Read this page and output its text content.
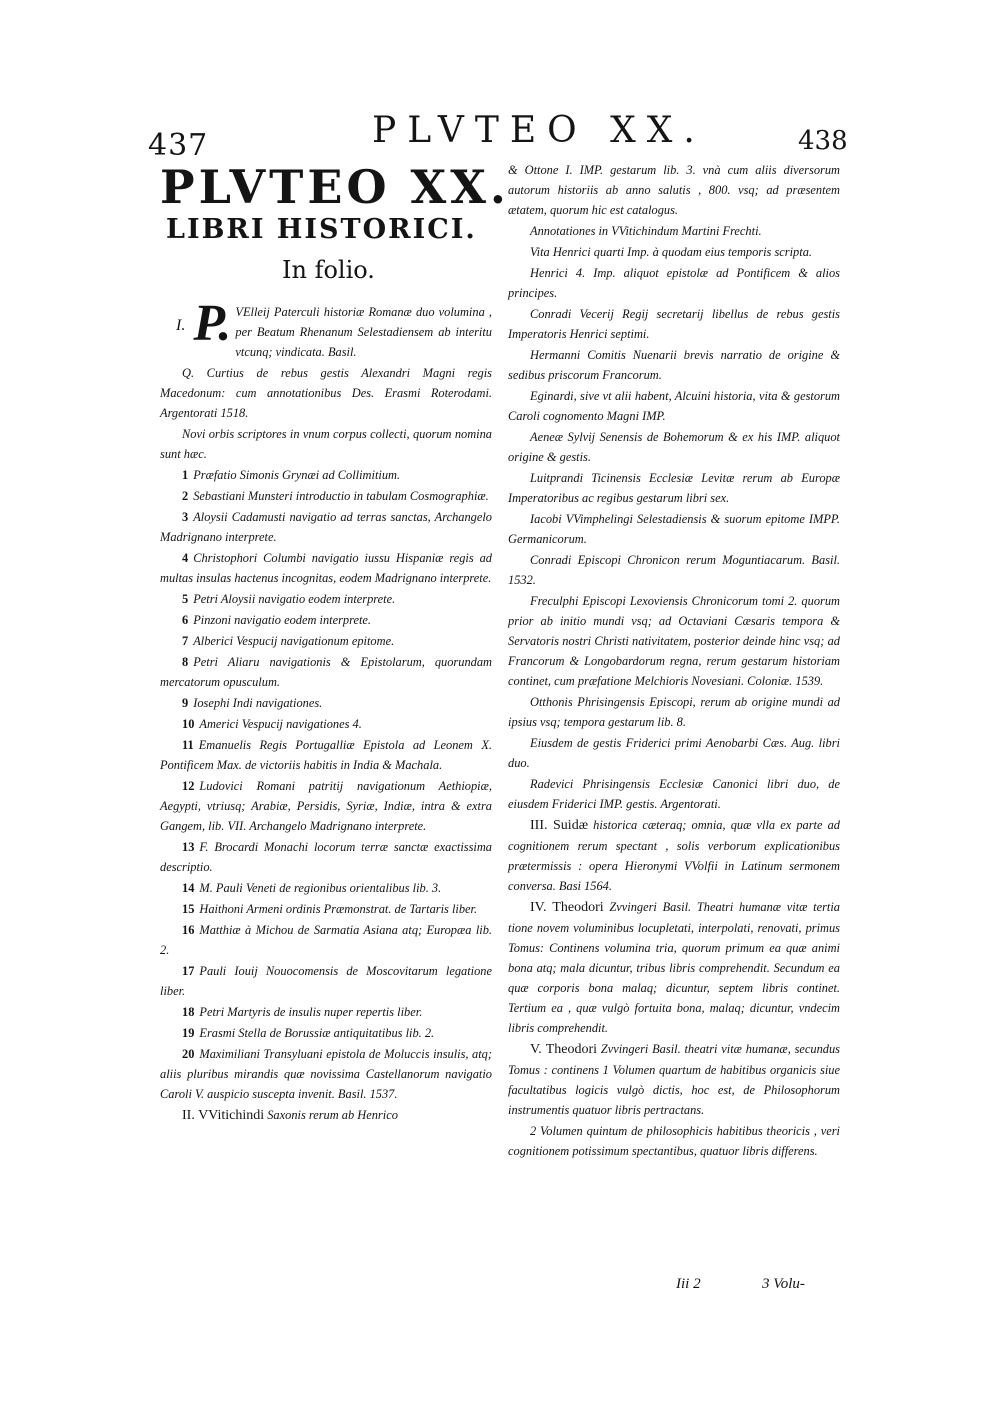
437	PLVTEO XX.	438
PLVTEO XX.
LIBRI HISTORICI.
In folio.
I. P. VElleij Paterculi historiæ Romanæ duo volumina , per Beatum Rhenanum Selestadiensem ab interitu vtcunq; vindicata. Basil.
Q. Curtius de rebus gestis Alexandri Magni regis Macedonum: cum annotationibus Des. Erasmi Roterodami. Argentorati 1518.
Novi orbis scriptores in vnum corpus collecti, quorum nomina sunt hæc.
1 Præfatio Simonis Grynæi ad Collimitium.
2 Sebastiani Munsteri introductio in tabulam Cosmographiæ.
3 Aloysii Cadamusti navigatio ad terras sanctas, Archangelo Madrignano interprete.
4 Christophori Columbi navigatio iussu Hispaniæ regis ad multas insulas hactenus incognitas, eodem Madrignano interprete.
5 Petri Aloysii navigatio eodem interprete.
6 Pinzoni navigatio eodem interprete.
7 Alberici Vespucij navigationum epitome.
8 Petri Aliaru navigationis & Epistolarum, quorundam mercatorum opusculum.
9 Iosephi Indi navigationes.
10 Americi Vespucij navigationes 4.
11 Emanuelis Regis Portugalliæ Epistola ad Leonem X. Pontificem Max. de victoriis habitis in India & Machala.
12 Ludovici Romani patritij navigationum Aethiopiæ, Aegypti, vtriusq; Arabiæ, Persidis, Syriæ, Indiæ, intra & extra Gangem, lib. VII. Archangelo Madrignano interprete.
13 F. Brocardi Monachi locorum terræ sanctæ exactissima descriptio.
14 M. Pauli Veneti de regionibus orientalibus lib. 3.
15 Haithoni Armeni ordinis Præmonstrat. de Tartaris liber.
16 Matthiæ à Michou de Sarmatia Asiana atq; Europæa lib. 2.
17 Pauli Iouij Nouocomensis de Moscovitarum legatione liber.
18 Petri Martyris de insulis nuper repertis liber.
19 Erasmi Stella de Borussiæ antiquitatibus lib. 2.
20 Maximiliani Transyluani epistola de Moluccis insulis, atq; aliis pluribus mirandis quæ novissima Castellanorum navigatio Caroli V. auspicio suscepta invenit. Basil. 1537.
II. VVitichindi Saxonis rerum ab Henrico
& Ottone I. IMP. gestarum lib. 3. vnà cum aliis diversorum autorum historiis ab anno salutis , 800. vsq; ad præsentem ætatem, quorum hic est catalogus.
Annotationes in VVitichindum Martini Frechti.
Vita Henrici quarti Imp. à quodam eius temporis scripta.
Henrici 4. Imp. aliquot epistolæ ad Pontificem & alios principes.
Conradi Vecerij Regij secretarij libellus de rebus gestis Imperatoris Henrici septimi.
Hermanni Comitis Nuenarii brevis narratio de origine & sedibus priscorum Francorum.
Eginardi, sive vt alii habent, Alcuini historia, vita & gestorum Caroli cognomento Magni IMP.
Aeneæ Sylvij Senensis de Bohemorum & ex his IMP. aliquot origine & gestis.
Luitprandi Ticinensis Ecclesiæ Levitæ rerum ab Europæ Imperatoribus ac regibus gestarum libri sex.
Iacobi VVimphelingi Selestadiensis & suorum epitome IMPP. Germanicorum.
Conradi Episcopi Chronicon rerum Moguntiacarum. Basil. 1532.
Freculphi Episcopi Lexoviensis Chronicorum tomi 2. quorum prior ab initio mundi vsq; ad Octaviani Cæsaris tempora & Servatoris nostri Christi nativitatem, posterior deinde hinc vsq; ad Francorum & Longobardorum regna, rerum gestarum historiam continet, cum præfatione Melchioris Novesiani. Coloniæ. 1539.
Otthonis Phrisingensis Episcopi, rerum ab origine mundi ad ipsius vsq; tempora gestarum lib. 8.
Eiusdem de gestis Friderici primi Aenobarbi Cæs. Aug. libri duo.
Radevici Phrisingensis Ecclesiæ Canonici libri duo, de eiusdem Friderici IMP. gestis. Argentorati.
III. Suidæ historica cæteraq; omnia, quæ vlla ex parte ad cognitionem rerum spectant , solis verborum explicationibus prætermissis : opera Hieronymi VVolfii in Latinum sermonem conversa. Basi 1564.
IV. Theodori Zvvingeri Basil. Theatri humanæ vitæ tertia tione novem voluminibus locupletati, interpolati, renovati, primus Tomus: Continens volumina tria, quorum primum ea quæ animi bona atq; mala dicuntur, tribus libris comprehendit. Secundum ea quæ corporis bona malaq; dicuntur, septem libris continet. Tertium ea , quæ vulgò fortuita bona, malaq; dicuntur, vndecim libris comprehendit.
V. Theodori Zvvingeri Basil. theatri vitæ humanæ, secundus Tomus : continens 1 Volumen quartum de habitibus organicis siue facultatibus logicis vulgò dictis, hoc est, de Philosophorum instrumentis quatuor libris pertractans.
2 Volumen quintum de philosophicis habitibus theoricis , veri cognitionem potissimum spectantibus, quatuor libris differens.
Iii 2	3 Volu-
